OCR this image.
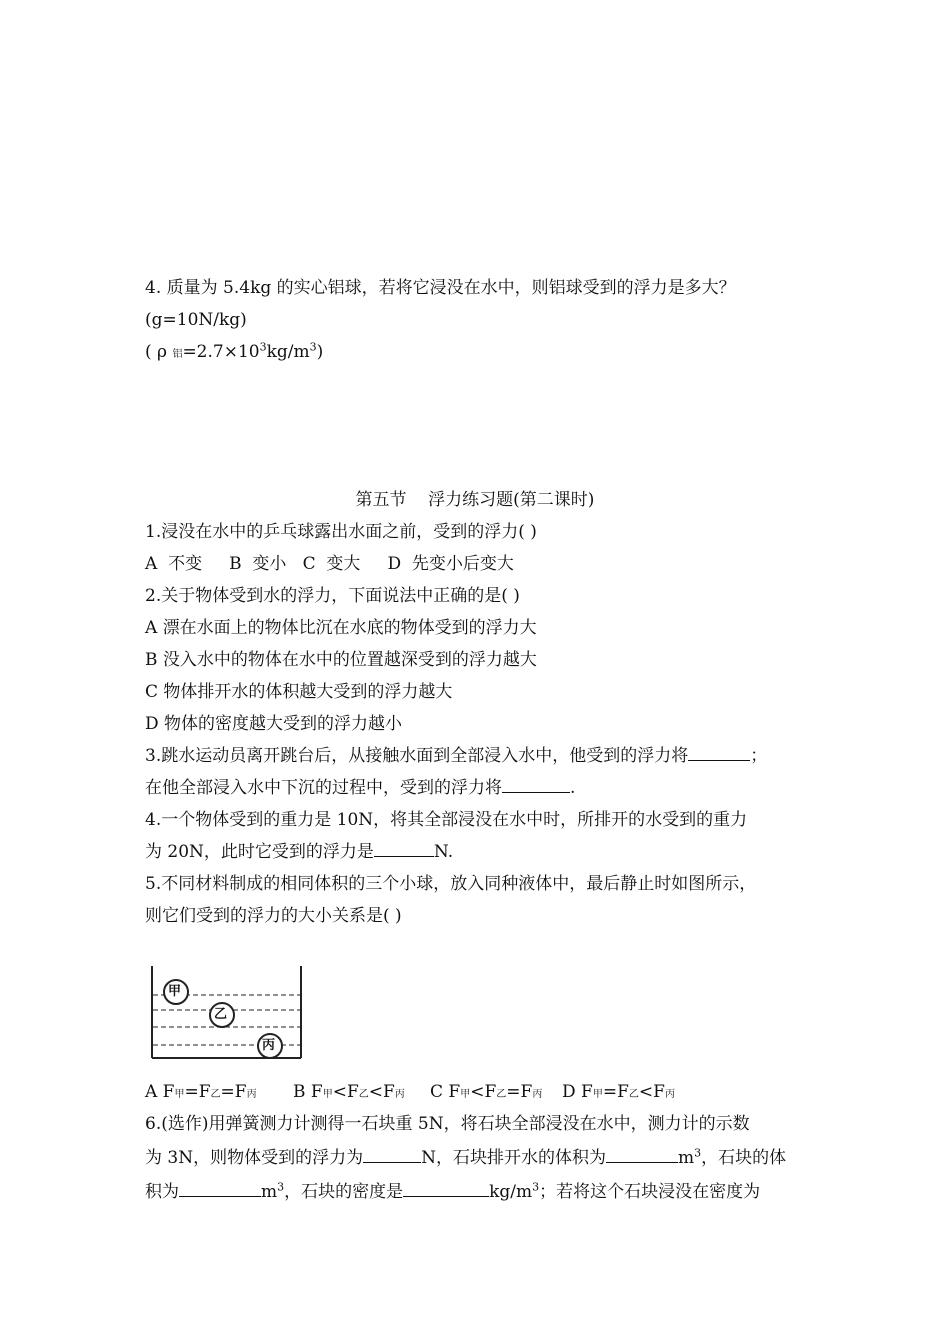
4. 质量为 5.4kg 的实心铝球，若将它浸没在水中，则铝球受到的浮力是多大？
(g=10N/kg)
( ρ 铝$=2.7\times 10^3kg/m^3$)
第五节    浮力练习题(第二课时)
1.浸没在水中的乒乓球露出水面之前，受到的浮力( )
A  不变     B  变小   C  变大     D  先变小后变大
2.关于物体受到水的浮力，下面说法中正确的是( )
A 漂在水面上的物体比沉在水底的物体受到的浮力大
B 没入水中的物体在水中的位置越深受到的浮力越大
C 物体排开水的体积越大受到的浮力越大
D 物体的密度越大受到的浮力越小
3.跳水运动员离开跳台后，从接触水面到全部浸入水中，他受到的浮力将	；
在他全部浸入水中下沉的过程中，受到的浮力将	.
4.一个物体受到的重力是 10N，将其全部浸没在水中时，所排开的水受到的重力
为 20N，此时它受到的浮力是	N.
5.不同材料制成的相同体积的三个小球，放入同种液体中，最后静止时如图所示，
则它们受到的浮力的大小关系是( )
甲
乙
丙
A F甲=F乙=F丙 B F甲<F乙<F丙 C F甲<F乙=F丙 D F甲=F乙<F丙
6.(选作)用弹簧测力计测得一石块重 5N，将石块全部浸没在水中，测力计的示数
为 3N，则物体受到的浮力为	N，石块排开水的体积为	$m^3$，石块的体
积为	$m^3$，石块的密度是	$kg/m^3$；若将这个石块浸没在密度为
